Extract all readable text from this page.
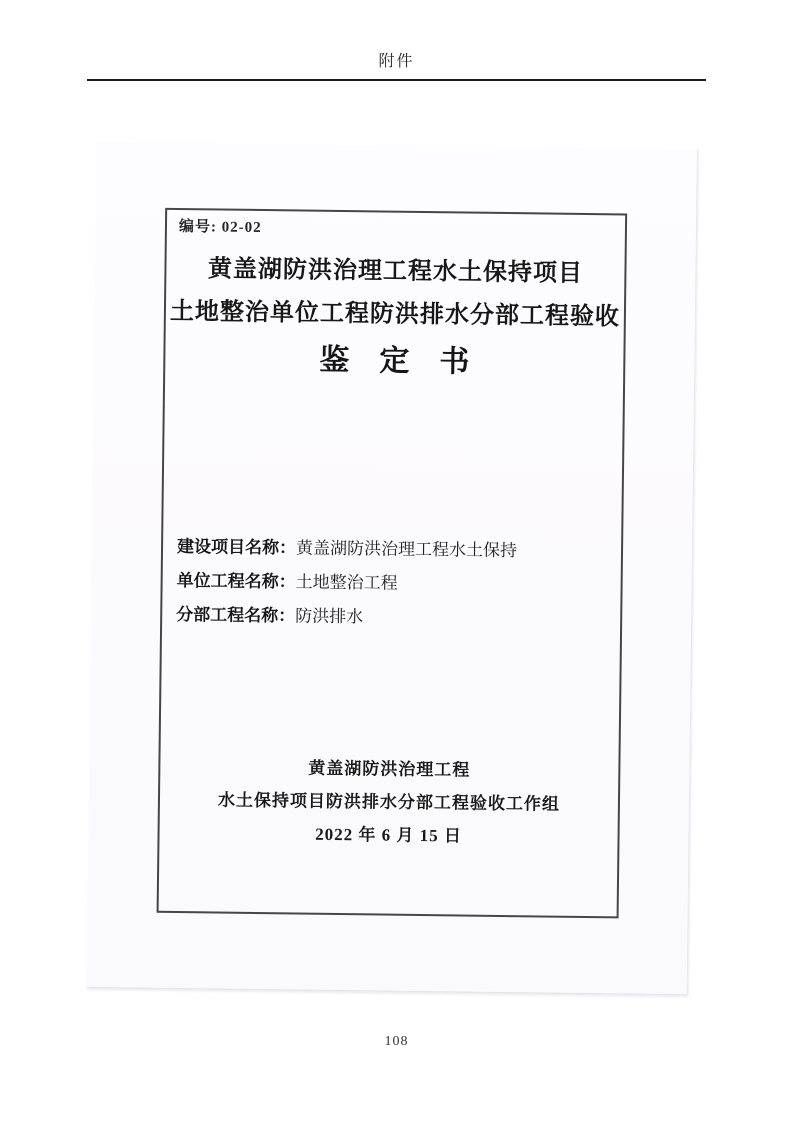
附件
编号: 02-02
黄盖湖防洪治理工程水土保持项目
土地整治单位工程防洪排水分部工程验收
鉴　定　书
建设项目名称：黄盖湖防洪治理工程水土保持
单位工程名称：土地整治工程
分部工程名称：防洪排水
黄盖湖防洪治理工程
水土保持项目防洪排水分部工程验收工作组
2022 年 6 月 15 日
108
